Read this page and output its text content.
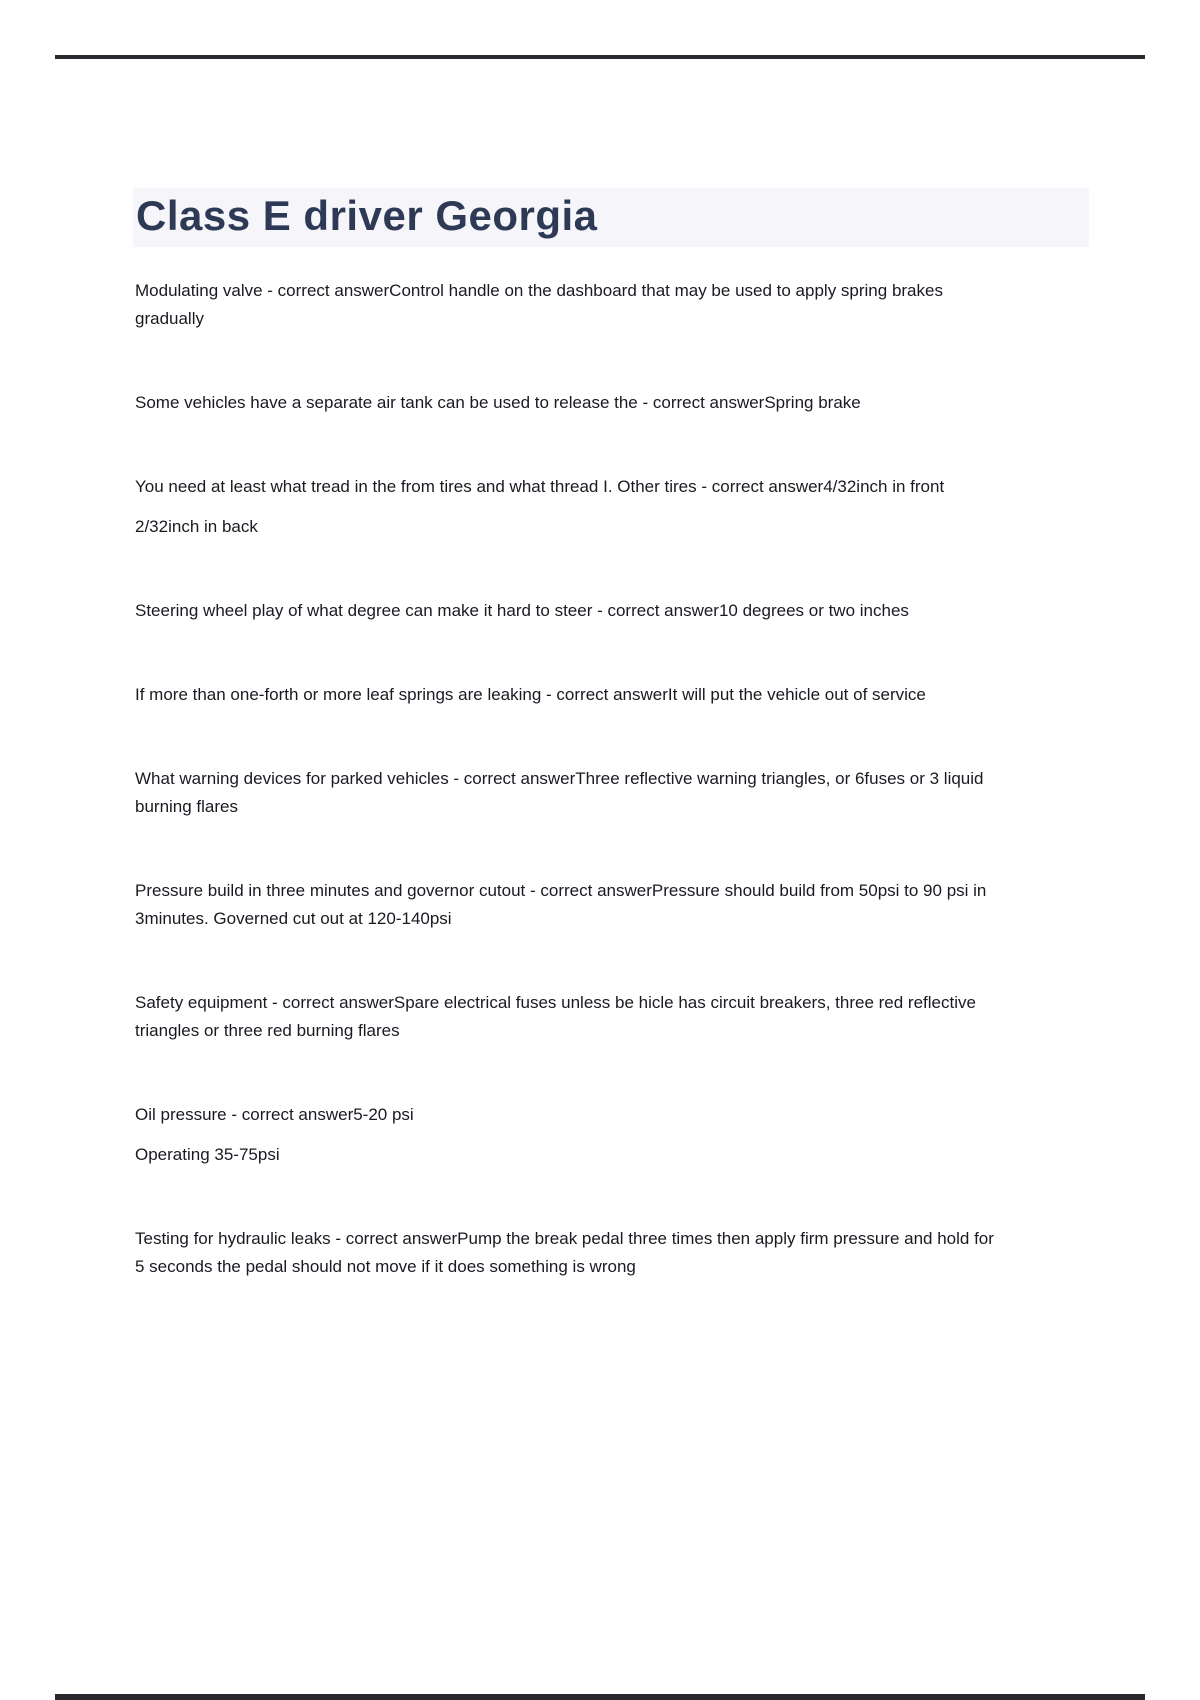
Class E driver Georgia

Modulating valve - correct answerControl handle on the dashboard that may be used to apply spring brakes gradually

Some vehicles have a separate air tank can be used to release the - correct answerSpring brake

You need at least what tread in the from tires and what thread I. Other tires - correct answer4/32inch in front

2/32inch in back

Steering wheel play of what degree can make it hard to steer - correct answer10 degrees or two inches

If more than one-forth or more leaf springs are leaking - correct answerIt will put the vehicle out of service

What warning devices for parked vehicles - correct answerThree reflective warning triangles, or 6fuses or 3 liquid burning flares

Pressure build in three minutes and governor cutout - correct answerPressure should build from 50psi to 90 psi in 3minutes. Governed cut out at 120-140psi

Safety equipment - correct answerSpare electrical fuses unless be hicle has circuit breakers, three red reflective triangles or three red burning flares

Oil pressure - correct answer5-20 psi

Operating 35-75psi

Testing for hydraulic leaks - correct answerPump the break pedal three times then apply firm pressure and hold for 5 seconds the pedal should not move if it does something is wrong
